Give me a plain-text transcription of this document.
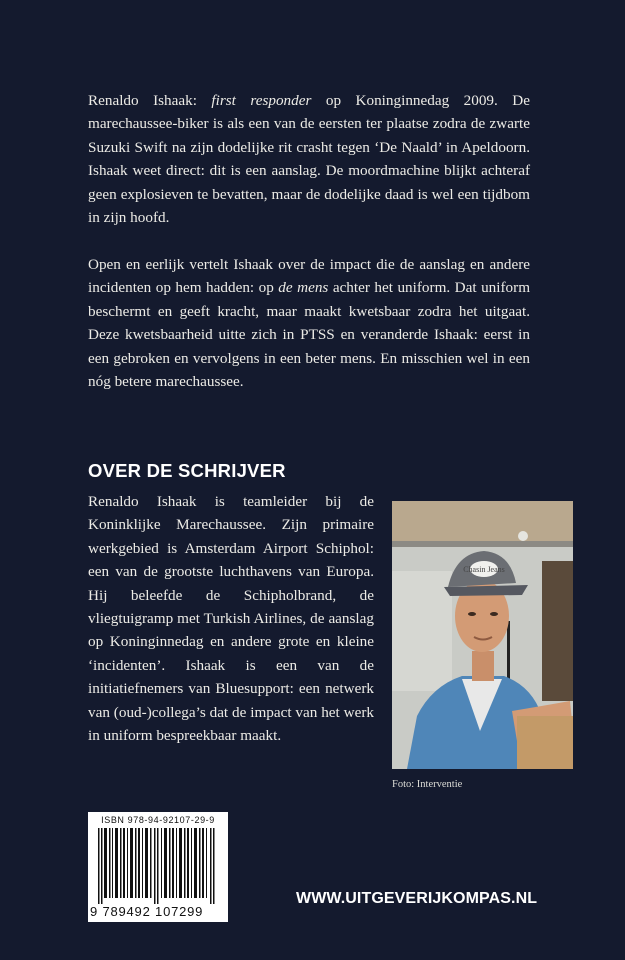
Renaldo Ishaak: first responder op Koninginnedag 2009. De marechaussee-biker is als een van de eersten ter plaatse zodra de zwarte Suzuki Swift na zijn dodelijke rit crasht tegen ‘De Naald’ in Apeldoorn. Ishaak weet direct: dit is een aanslag. De moordmachine blijkt achteraf geen explosieven te bevatten, maar de dodelijke daad is wel een tijdbom in zijn hoofd.

Open en eerlijk vertelt Ishaak over de impact die de aanslag en andere incidenten op hem hadden: op de mens achter het uniform. Dat uniform beschermt en geeft kracht, maar maakt kwetsbaar zodra het uitgaat. Deze kwetsbaarheid uitte zich in PTSS en veranderde Ishaak: eerst in een gebroken en vervolgens in een beter mens. En misschien wel in een nóg betere marechaussee.

OVER DE SCHRIJVER

Renaldo Ishaak is teamleider bij de Koninklijke Marechaussee. Zijn primaire werkgebied is Amsterdam Airport Schiphol: een van de grootste luchthavens van Europa. Hij beleefde de Schipholbrand, de vliegtuigramp met Turkish Airlines, de aanslag op Koninginnedag en andere grote en kleine ‘incidenten’. Ishaak is een van de initiatiefnemers van Bluesupport: een netwerk van (oud-)collega’s dat de impact van het werk in uniform bespreekbaar maakt.

Chasin Jeans
Foto: Interventie
ISBN 978-94-92107-29-9
9 789492 107299
WWW.UITGEVERIJKOMPAS.NL
